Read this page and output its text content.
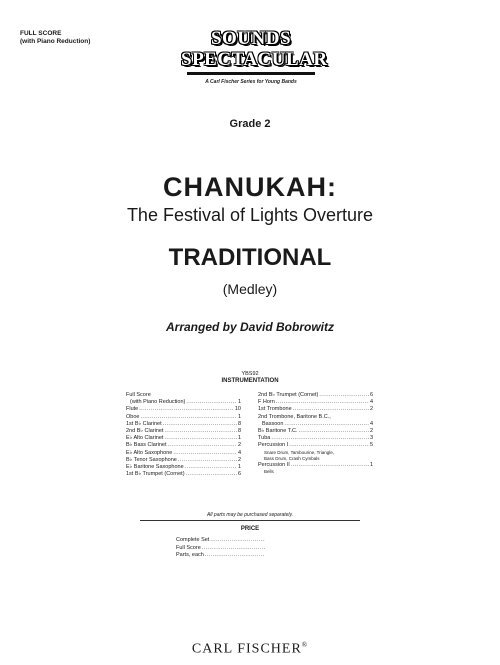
FULL SCORE
(with Piano Reduction)	SOUNDS
SPECTACULAR
A Carl Fischer Series for Young Bands
Grade 2
CHANUKAH:
The Festival of Lights Overture
TRADITIONAL
(Medley)
Arranged by David Bobrowitz
YBS92
INSTRUMENTATION
Full Score
(with Piano Reduction) .....	1
Flute .....	10
Oboe .....	1
1st B♭ Clarinet .....	8
2nd B♭ Clarinet .....	8
E♭ Alto Clarinet .....	1
B♭ Bass Clarinet .....	2
E♭ Alto Saxophone .....	4
B♭ Tenor Saxophone .....	2
E♭ Baritone Saxophone .....	1
1st B♭ Trumpet (Cornet) .....	6
2nd B♭ Trumpet (Cornet) .....	6
F Horn .....	4
1st Trombone .....	2
2nd Trombone, Baritone B.C.,
Bassoon .....	4
B♭ Baritone T.C. .....	2
Tuba .....	3
Percussion I .....	5
Snare Drum, Tambourine, Triangle,
Bass Drum, Crash Cymbals
Percussion II .....	1
Bells
All parts may be purchased separately.
PRICE
Complete Set
.....
Full Score
.....
Parts, each
.....
CARL FISCHER®
